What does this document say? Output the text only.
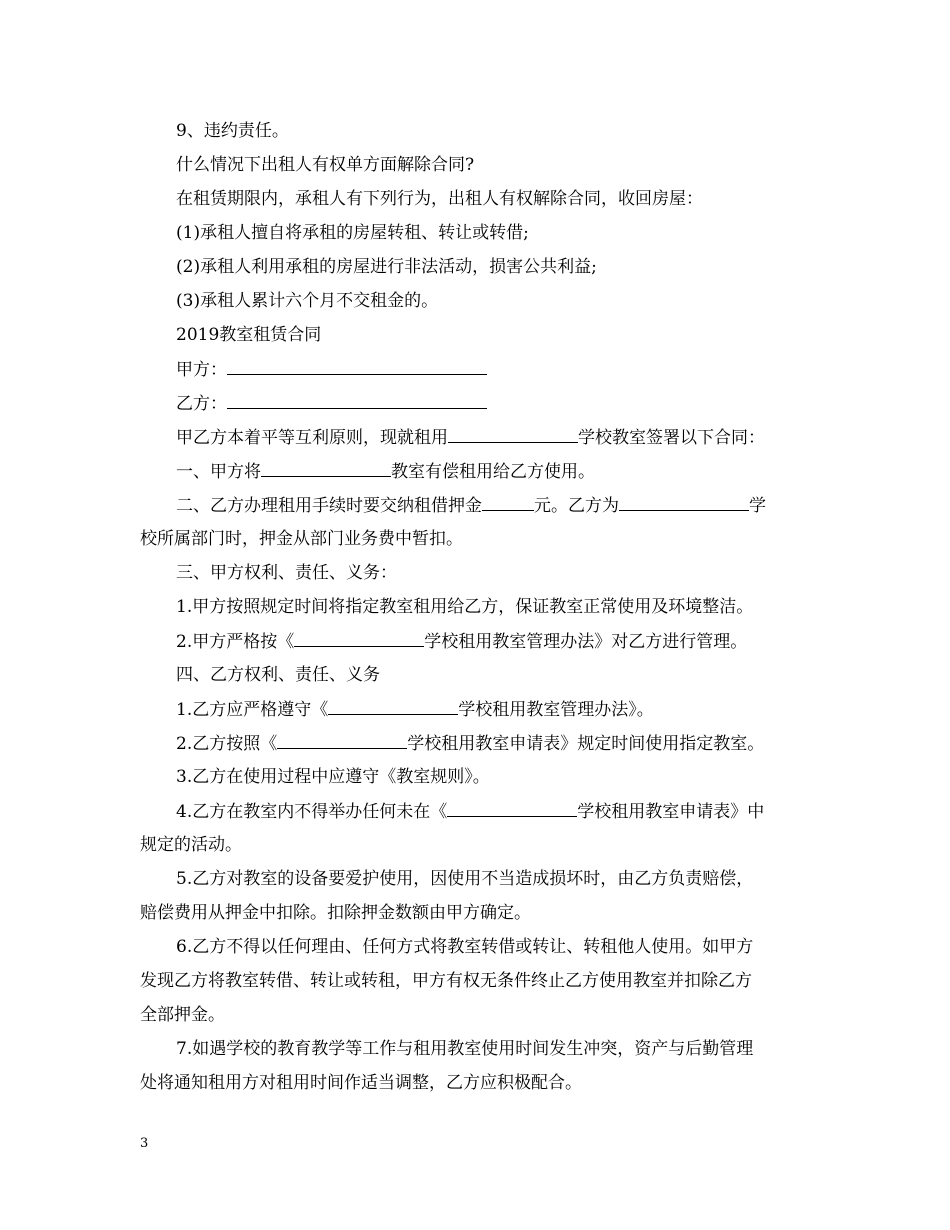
9、违约责任。
什么情况下出租人有权单方面解除合同?
在租赁期限内，承租人有下列行为，出租人有权解除合同，收回房屋：
(1)承租人擅自将承租的房屋转租、转让或转借;
(2)承租人利用承租的房屋进行非法活动，损害公共利益;
(3)承租人累计六个月不交租金的。
2019教室租赁合同
甲方：
乙方：
甲乙方本着平等互利原则，现就租用	学校教室签署以下合同：
一、甲方将	教室有偿租用给乙方使用。
二、乙方办理租用手续时要交纳租借押金	元。乙方为	学
校所属部门时，押金从部门业务费中暂扣。
三、甲方权利、责任、义务：
1.甲方按照规定时间将指定教室租用给乙方，保证教室正常使用及环境整洁。
2.甲方严格按《	学校租用教室管理办法》对乙方进行管理。
四、乙方权利、责任、义务
1.乙方应严格遵守《	学校租用教室管理办法》。
2.乙方按照《	学校租用教室申请表》规定时间使用指定教室。
3.乙方在使用过程中应遵守《教室规则》。
4.乙方在教室内不得举办任何未在《	学校租用教室申请表》中
规定的活动。
5.乙方对教室的设备要爱护使用，因使用不当造成损坏时，由乙方负责赔偿，
赔偿费用从押金中扣除。扣除押金数额由甲方确定。
6.乙方不得以任何理由、任何方式将教室转借或转让、转租他人使用。如甲方
发现乙方将教室转借、转让或转租，甲方有权无条件终止乙方使用教室并扣除乙方
全部押金。
7.如遇学校的教育教学等工作与租用教室使用时间发生冲突，资产与后勤管理
处将通知租用方对租用时间作适当调整，乙方应积极配合。
3
